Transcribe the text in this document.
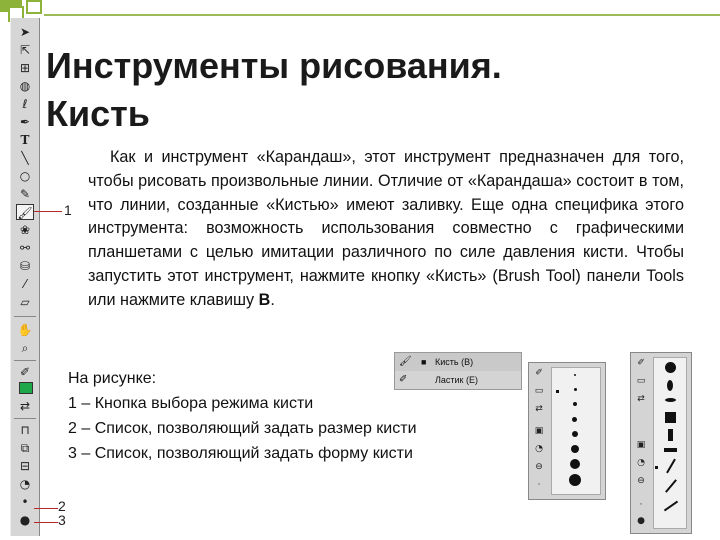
➤
⇱
⊞
◍
ℓ
✒
T
╲
○
✎
🖌
❀
⚯
⛁
⁄
▱
✋
⌕
✐
⇄
⊓
⧉
⊟
◔
•
●
1
2
3
Инструменты рисования.
Кисть
Как и инструмент «Карандаш», этот инструмент предназначен для того, чтобы рисовать произвольные линии. Отличие от «Карандаша» состоит в том, что линии, созданные «Кистью» имеют заливку. Еще одна специфика этого инструмента: возможность использования совместно с графическими планшетами с целью имитации различного по силе давления кисти. Чтобы запустить этот инструмент, нажмите кнопку «Кисть» (Brush Tool) панели Tools или нажмите клавишу B.
На рисунке:
1 – Кнопка выбора режима кисти
2 – Список, позволяющий задать размер кисти
3 – Список, позволяющий задать форму кисти
🖌 ■ Кисть (B)
✐	Ластик (E)
✐
▭
⇄
▣
◔
⊖
⋅
✐
▭
⇄
▣
◔
⊖
⋅
●
